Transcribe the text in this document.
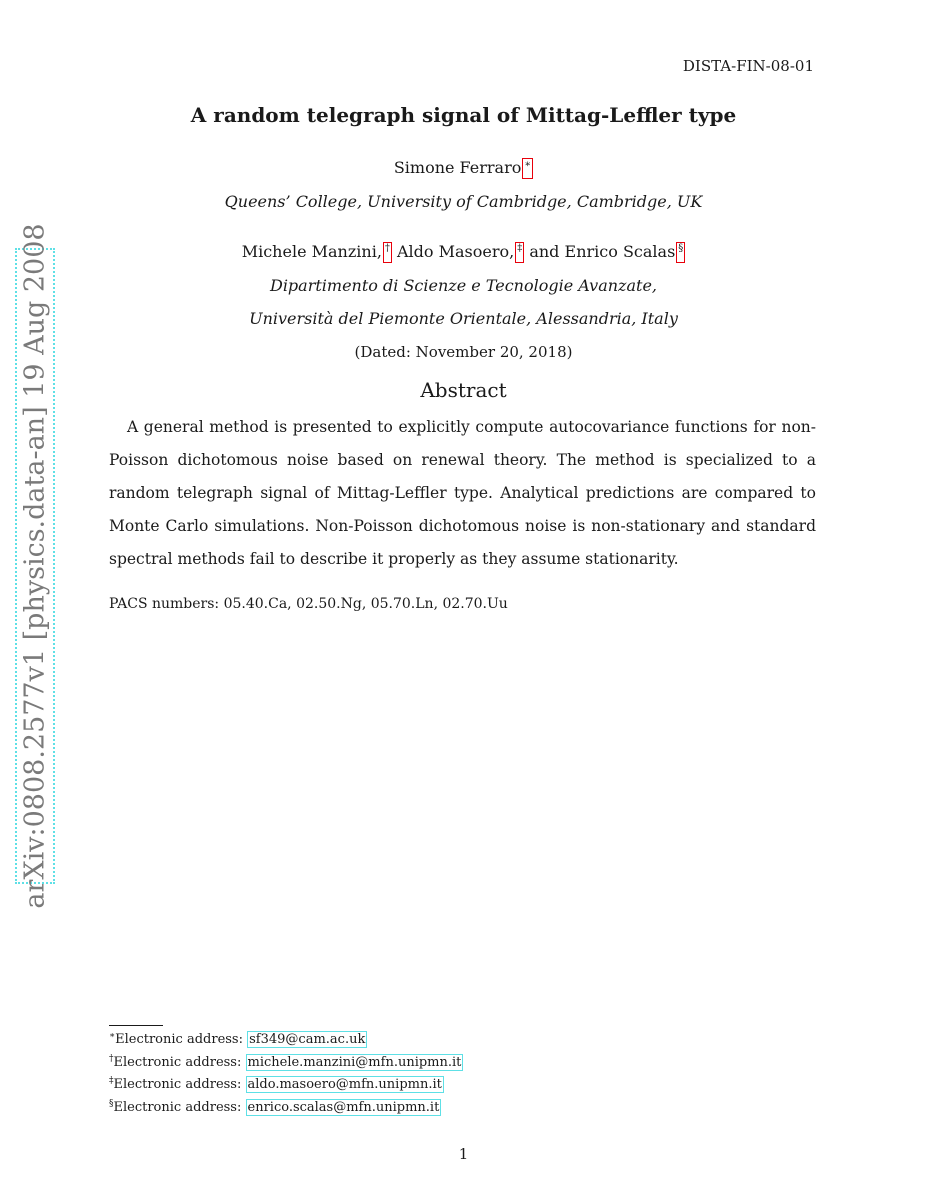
DISTA-FIN-08-01
A random telegraph signal of Mittag-Leffler type
Simone Ferraro ∗
Queens’ College, University of Cambridge, Cambridge, UK
Michele Manzini, † Aldo Masoero, ‡ and Enrico Scalas §
Dipartimento di Scienze e Tecnologie Avanzate,
Università del Piemonte Orientale, Alessandria, Italy
(Dated: November 20, 2018)
Abstract
A general method is presented to explicitly compute autocovariance functions for non-Poisson dichotomous noise based on renewal theory. The method is specialized to a random telegraph signal of Mittag-Leffler type. Analytical predictions are compared to Monte Carlo simulations. Non-Poisson dichotomous noise is non-stationary and standard spectral methods fail to describe it properly as they assume stationarity.
PACS numbers: 05.40.Ca, 02.50.Ng, 05.70.Ln, 02.70.Uu
arXiv:0808.2577v1 [physics.data-an] 19 Aug 2008
∗Electronic address: sf349@cam.ac.uk
†Electronic address: michele.manzini@mfn.unipmn.it
‡Electronic address: aldo.masoero@mfn.unipmn.it
§Electronic address: enrico.scalas@mfn.unipmn.it
1
